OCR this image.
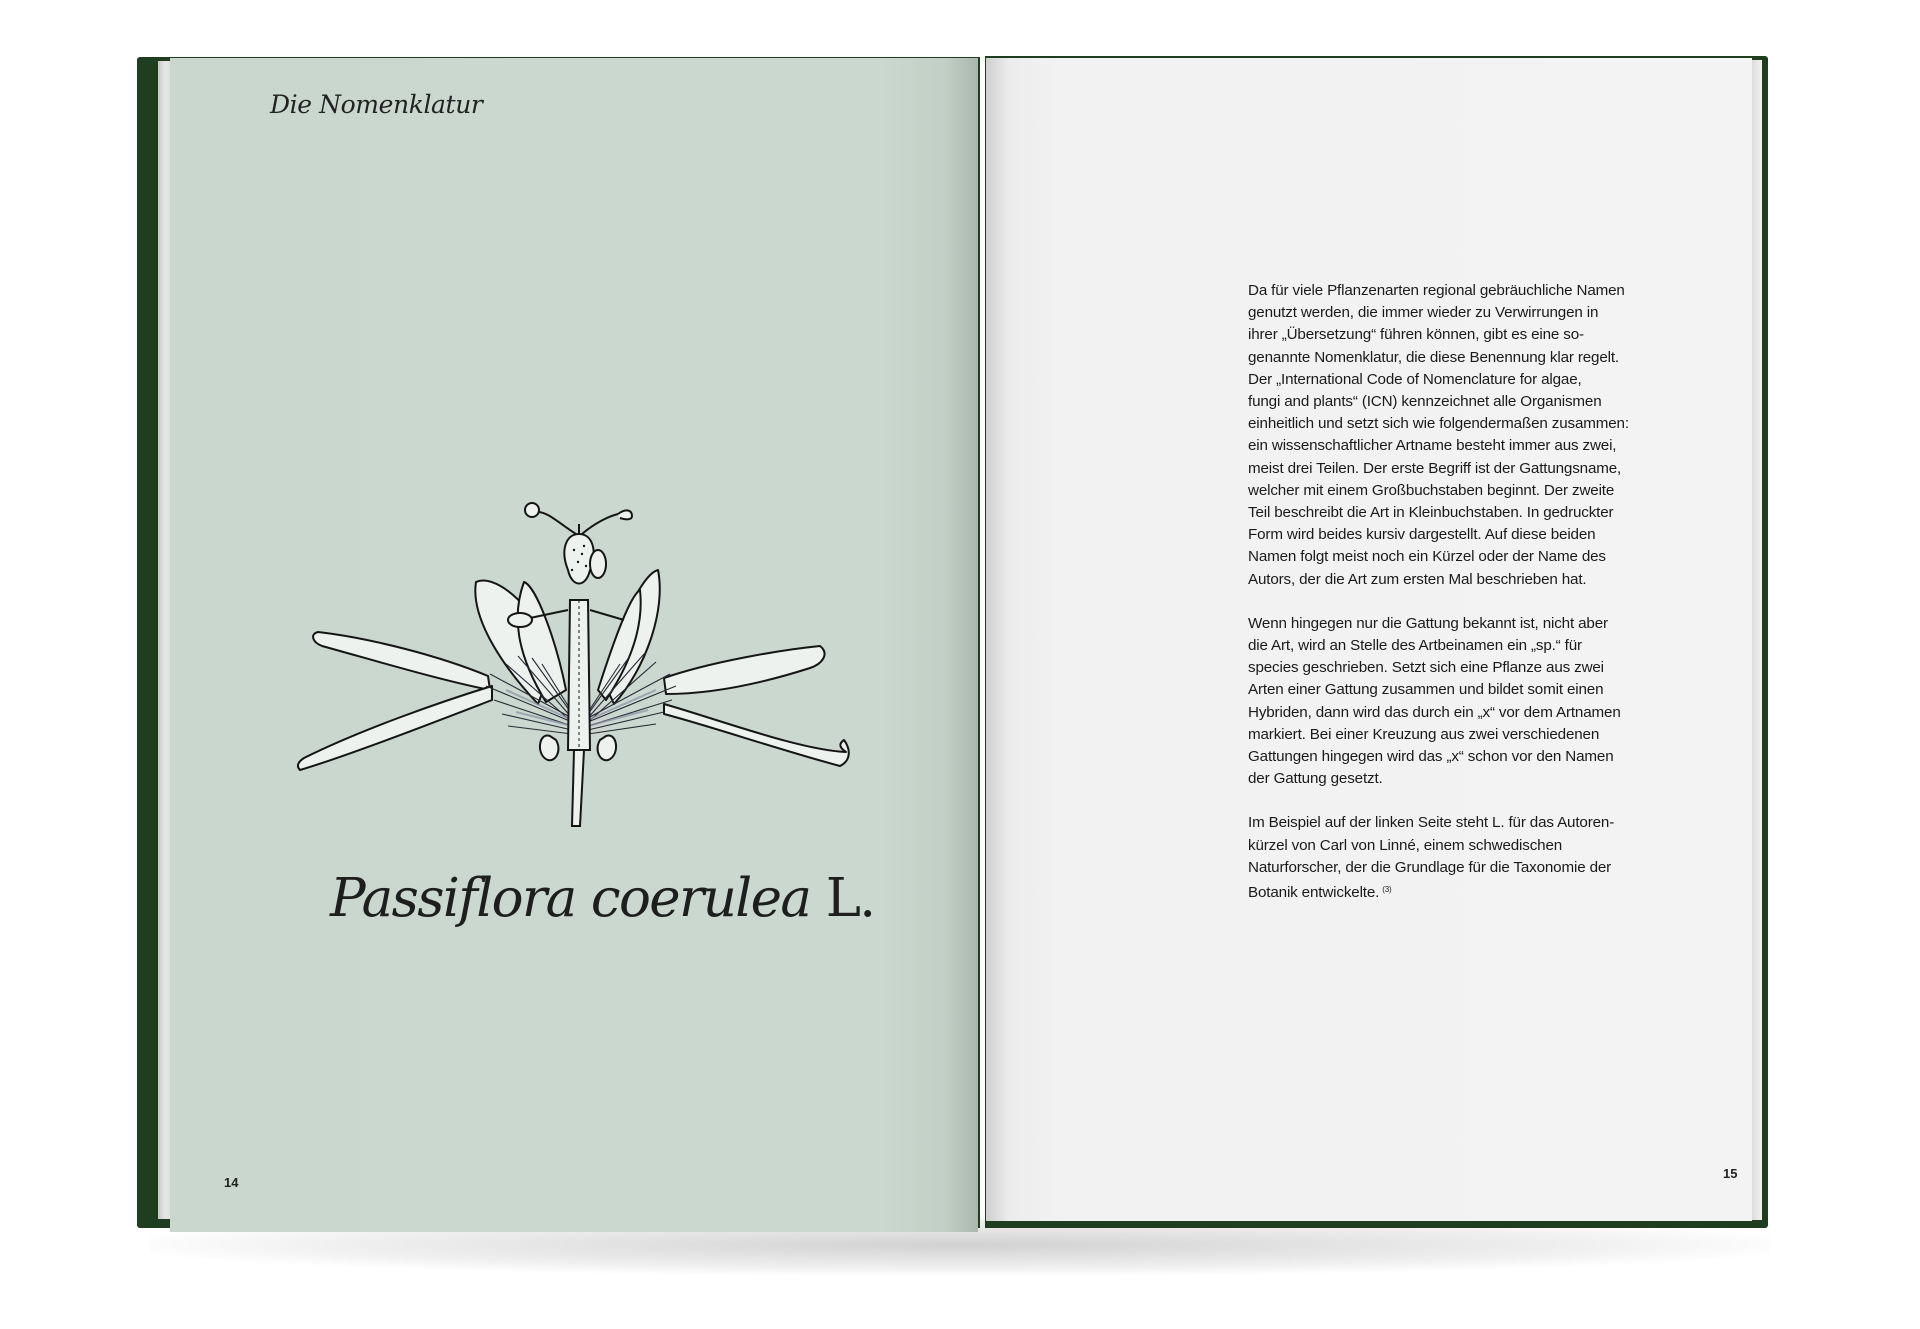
Die Nomenklatur
Passiflora coerulea L.
14

Da für viele Pflanzenarten regional gebräuchliche Namen
genutzt werden, die immer wieder zu Verwirrungen in
ihrer „Übersetzung“ führen können, gibt es eine so-
genannte Nomenklatur, die diese Benennung klar regelt.
Der „International Code of Nomenclature for algae,
fungi and plants“ (ICN) kennzeichnet alle Organismen
einheitlich und setzt sich wie folgendermaßen zusammen:
ein wissenschaftlicher Artname besteht immer aus zwei,
meist drei Teilen. Der erste Begriff ist der Gattungsname,
welcher mit einem Großbuchstaben beginnt. Der zweite
Teil beschreibt die Art in Kleinbuchstaben. In gedruckter
Form wird beides kursiv dargestellt. Auf diese beiden
Namen folgt meist noch ein Kürzel oder der Name des
Autors, der die Art zum ersten Mal beschrieben hat.

Wenn hingegen nur die Gattung bekannt ist, nicht aber
die Art, wird an Stelle des Artbeinamen ein „sp.“ für
species geschrieben. Setzt sich eine Pflanze aus zwei
Arten einer Gattung zusammen und bildet somit einen
Hybriden, dann wird das durch ein „x“ vor dem Artnamen
markiert. Bei einer Kreuzung aus zwei verschiedenen
Gattungen hingegen wird das „x“ schon vor den Namen
der Gattung gesetzt.

Im Beispiel auf der linken Seite steht L. für das Autoren-
kürzel von Carl von Linné, einem schwedischen
Naturforscher, der die Grundlage für die Taxonomie der
Botanik entwickelte. $^{(3)}$

15
